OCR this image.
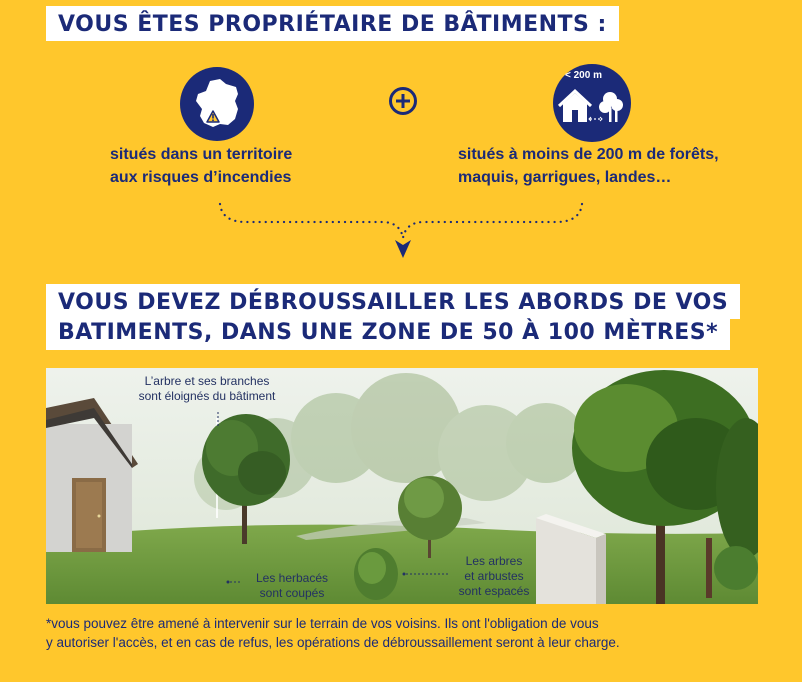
VOUS ÊTES PROPRIÉTAIRE DE BÂTIMENTS :
< 200 m
situés dans un territoire
aux risques d’incendies
situés à moins de 200 m de forêts,
maquis, garrigues, landes…
VOUS DEVEZ DÉBROUSSAILLER LES ABORDS DE VOS
BATIMENTS, DANS UNE ZONE DE 50 À 100 MÈTRES*
L’arbre et ses branches
sont éloignés du bâtiment
Les herbacés
sont coupés
Les arbres
et arbustes
sont espacés
*vous pouvez être amené à intervenir sur le terrain de vos voisins. Ils ont l'obligation de vous
y autoriser l'accès, et en cas de refus, les opérations de débroussaillement seront à leur charge.
